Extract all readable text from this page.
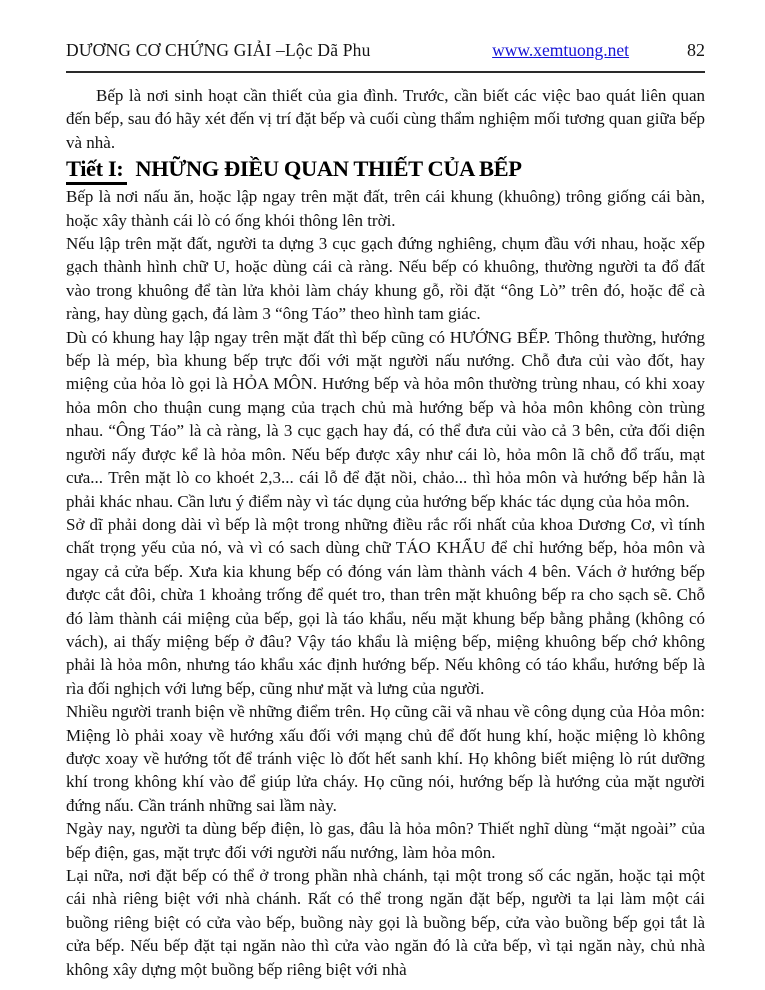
DƯƠNG CƠ CHỨNG GIẢI –Lộc Dã Phu	www.xemtuong.net	82

Bếp là nơi sinh hoạt cần thiết của gia đình. Trước, cần biết các việc bao quát liên quan đến bếp, sau đó hãy xét đến vị trí đặt bếp và cuối cùng thẩm nghiệm mối tương quan giữa bếp và nhà.

Tiết I: NHỮNG ĐIỀU QUAN THIẾT CỦA BẾP

Bếp là nơi nấu ăn, hoặc lập ngay trên mặt đất, trên cái khung (khuông) trông giống cái bàn, hoặc xây thành cái lò có ống khói thông lên trời.

Nếu lập trên mặt đất, người ta dựng 3 cục gạch đứng nghiêng, chụm đầu với nhau, hoặc xếp gạch thành hình chữ U, hoặc dùng cái cà ràng. Nếu bếp có khuông, thường người ta đổ đất vào trong khuông để tàn lửa khỏi làm cháy khung gỗ, rồi đặt “ông Lò” trên đó, hoặc để cà ràng, hay dùng gạch, đá làm 3 “ông Táo” theo hình tam giác.

Dù có khung hay lập ngay trên mặt đất thì bếp cũng có HƯỚNG BẾP. Thông thường, hướng bếp là mép, bìa khung bếp trực đối với mặt người nấu nướng. Chỗ đưa củi vào đốt, hay miệng của hỏa lò gọi là HỎA MÔN. Hướng bếp và hỏa môn thường trùng nhau, có khi xoay hỏa môn cho thuận cung mạng của trạch chủ mà hướng bếp và hỏa môn không còn trùng nhau. “Ông Táo” là cà ràng, là 3 cục gạch hay đá, có thể đưa củi vào cả 3 bên, cửa đối diện người nấy được kể là hỏa môn. Nếu bếp được xây như cái lò, hỏa môn lã chỗ đổ trấu, mạt cưa... Trên mặt lò co khoét 2,3... cái lỗ để đặt nồi, chảo... thì hỏa môn và hướng bếp hẳn là phải khác nhau. Cần lưu ý điểm này vì tác dụng của hướng bếp khác tác dụng của hỏa môn.

Sở dĩ phải dong dài vì bếp là một trong những điều rắc rối nhất của khoa Dương Cơ, vì tính chất trọng yếu của nó, và vì có sach dùng chữ TÁO KHẨU để chỉ hướng bếp, hỏa môn và ngay cả cửa bếp. Xưa kia khung bếp có đóng ván làm thành vách 4 bên. Vách ở hướng bếp được cắt đôi, chừa 1 khoảng trống để quét tro, than trên mặt khuông bếp ra cho sạch sẽ. Chỗ đó làm thành cái miệng của bếp, gọi là táo khẩu, nếu mặt khung bếp bằng phẳng (không có vách), ai thấy miệng bếp ở đâu? Vậy táo khẩu là miệng bếp, miệng khuông bếp chớ không phải là hỏa môn, nhưng táo khẩu xác định hướng bếp. Nếu không có táo khẩu, hướng bếp là rìa đối nghịch với lưng bếp, cũng như mặt và lưng của người.

Nhiều người tranh biện về những điểm trên. Họ cũng cãi vã nhau về công dụng của Hỏa môn: Miệng lò phải xoay về hướng xấu đối với mạng chủ để đốt hung khí, hoặc miệng lò không được xoay về hướng tốt để tránh việc lò đốt hết sanh khí. Họ không biết miệng lò rút dưỡng khí trong không khí vào để giúp lửa cháy. Họ cũng nói, hướng bếp là hướng của mặt người đứng nấu. Cần tránh những sai lầm này.

Ngày nay, người ta dùng bếp điện, lò gas, đâu là hỏa môn? Thiết nghĩ dùng “mặt ngoài” của bếp điện, gas, mặt trực đối với người nấu nướng, làm hỏa môn.

Lại nữa, nơi đặt bếp có thể ở trong phần nhà chánh, tại một trong số các ngăn, hoặc tại một cái nhà riêng biệt với nhà chánh. Rất có thể trong ngăn đặt bếp, người ta lại làm một cái buồng riêng biệt có cửa vào bếp, buồng này gọi là buồng bếp, cửa vào buồng bếp gọi tắt là cửa bếp. Nếu bếp đặt tại ngăn nào thì cửa vào ngăn đó là cửa bếp, vì tại ngăn này, chủ nhà không xây dựng một buồng bếp riêng biệt với nhà
